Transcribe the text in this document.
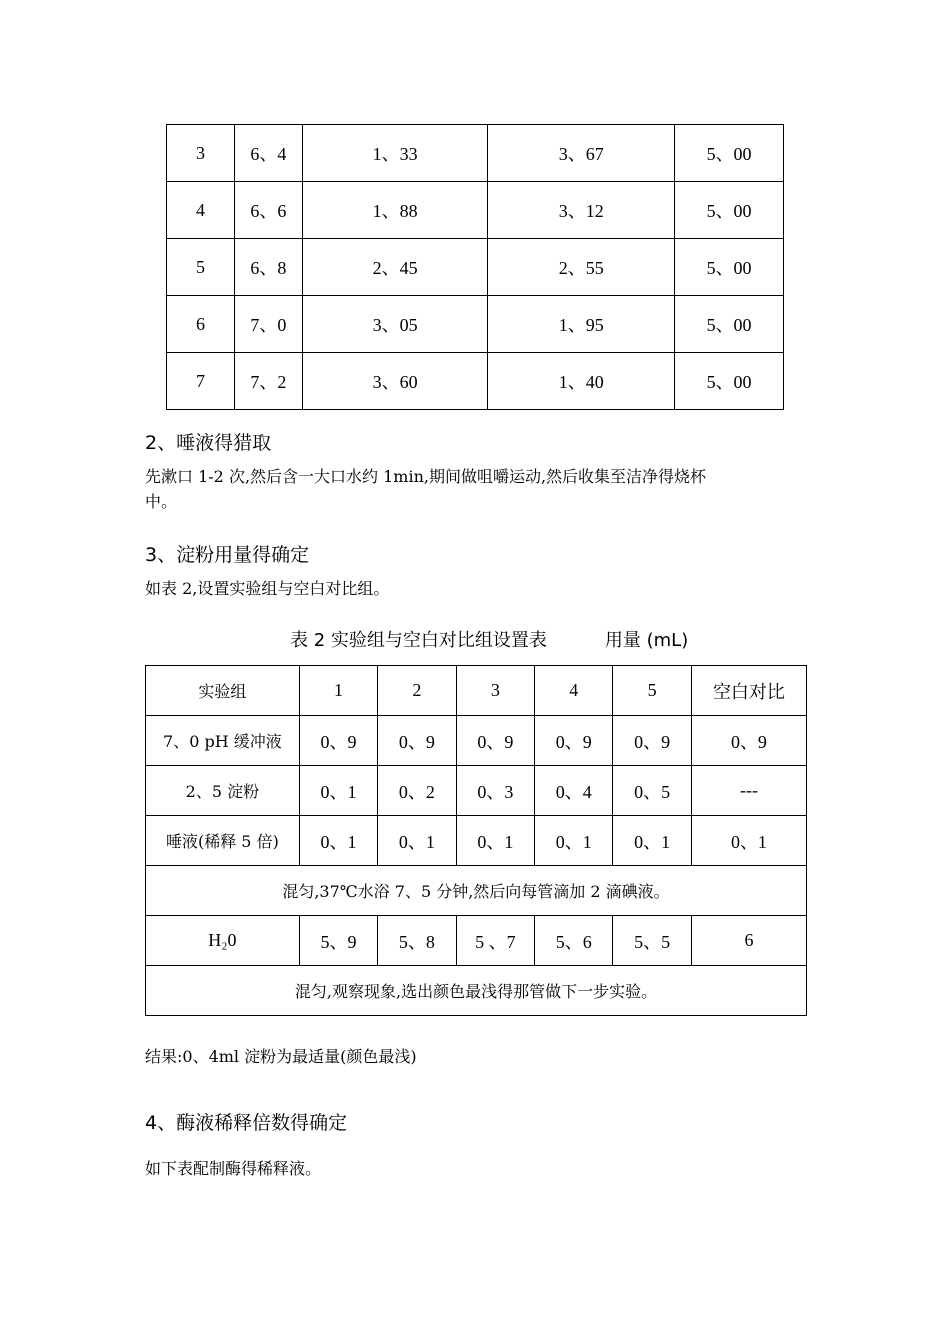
3	6、4	1、33	3、67	5、00
4	6、6	1、88	3、12	5、00
5	6、8	2、45	2、55	5、00
6	7、0	3、05	1、95	5、00
7	7、2	3、60	1、40	5、00
2、唾液得猎取
先漱口 1-2 次,然后含一大口水约 1min,期间做咀嚼运动,然后收集至洁净得烧杯
中。
3、淀粉用量得确定
如表 2,设置实验组与空白对比组。
表 2 实验组与空白对比组设置表	用量 (mL)
实验组	1	2	3	4	5	空白对比
7、0 pH 缓冲液	0、9	0、9	0、9	0、9	0、9	0、9
2、5 淀粉	0、1	0、2	0、3	0、4	0、5	---
唾液(稀释 5 倍)	0、1	0、1	0、1	0、1	0、1	0、1
混匀,37℃水浴 7、5 分钟,然后向每管滴加 2 滴碘液。						
H₂0	5、9	5、8	5 、7	5、6	5、5	6
混匀,观察现象,选出颜色最浅得那管做下一步实验。						
结果:0、4ml 淀粉为最适量(颜色最浅)
4、酶液稀释倍数得确定
如下表配制酶得稀释液。
